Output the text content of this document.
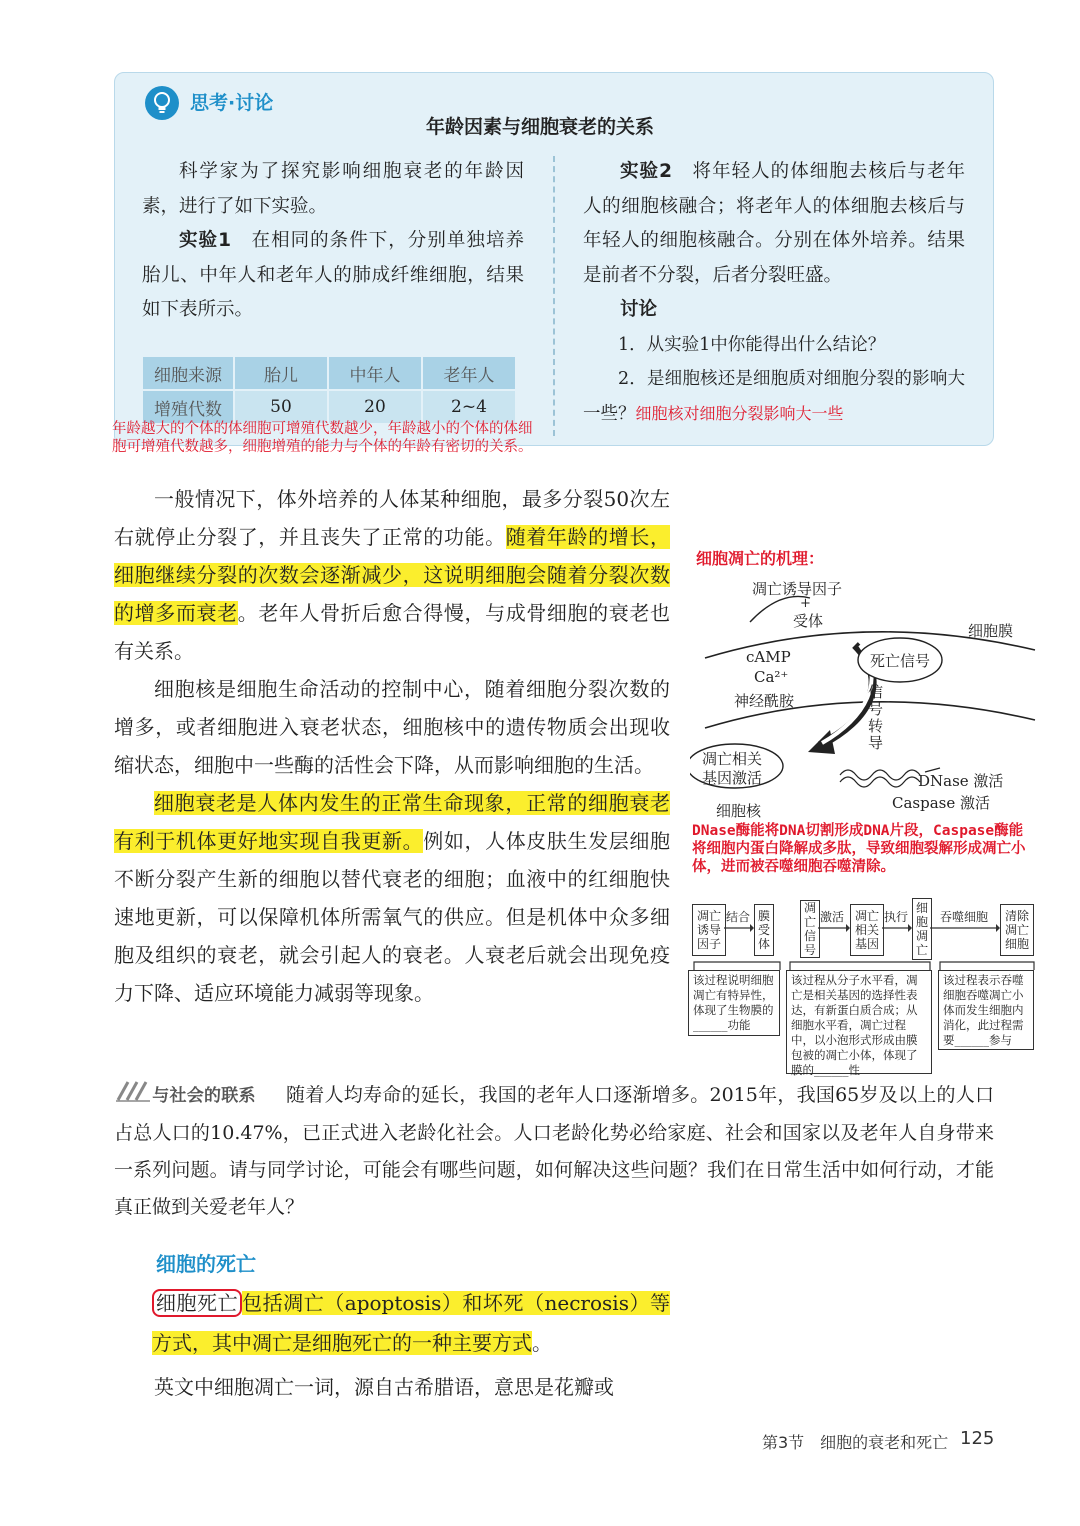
思考·讨论
年龄因素与细胞衰老的关系
科学家为了探究影响细胞衰老的年龄因素，进行了如下实验。
实验1　 在相同的条件下，分别单独培养胎儿、中年人和老年人的肺成纤维细胞，结果如下表所示。
细胞来源	胎儿	中年人	老年人
增殖代数	50	20	2~4
实验2　 将年轻人的体细胞去核后与老年人的细胞核融合；将老年人的体细胞去核后与年轻人的细胞核融合。分别在体外培养。结果是前者不分裂，后者分裂旺盛。
讨论
1．从实验1中你能得出什么结论？
2．是细胞核还是细胞质对细胞分裂的影响大一些？细胞核对细胞分裂影响大一些
年龄越大的个体的体细胞可增殖代数越少，年龄越小的个体的体细胞可增殖代数越多，细胞增殖的能力与个体的年龄有密切的关系。
一般情况下，体外培养的人体某种细胞，最多分裂50次左右就停止分裂了，并且丧失了正常的功能。随着年龄的增长，细胞继续分裂的次数会逐渐减少，这说明细胞会随着分裂次数的增多而衰老。老年人骨折后愈合得慢，与成骨细胞的衰老也有关系。
细胞核是细胞生命活动的控制中心，随着细胞分裂次数的增多，或者细胞进入衰老状态，细胞核中的遗传物质会出现收缩状态，细胞中一些酶的活性会下降，从而影响细胞的生活。
细胞衰老是人体内发生的正常生命现象，正常的细胞衰老有利于机体更好地实现自我更新。例如，人体皮肤生发层细胞不断分裂产生新的细胞以替代衰老的细胞；血液中的红细胞快速地更新，可以保障机体所需氧气的供应。但是机体中众多细胞及组织的衰老，就会引起人的衰老。人衰老后就会出现免疫力下降、适应环境能力减弱等现象。
细胞凋亡的机理：
凋亡诱导因子
+
受体
细胞膜
cAMP
Ca²⁺
神经酰胺
死亡信号
信号转导
凋亡相关
基因激活
细胞核
DNase 激活
Caspase 激活
DNase酶能将DNA切割形成DNA片段，Caspase酶能将细胞内蛋白降解成多肽，导致细胞裂解形成凋亡小体，进而被吞噬细胞吞噬清除。
凋亡诱导因子
结合 膜受体
凋亡信号
激活 凋亡相关基因
执行
细胞凋亡
吞噬细胞	清除凋亡细胞
该过程说明细胞凋亡有特异性，体现了生物膜的______功能
该过程从分子水平看，凋亡是相关基因的选择性表达，有新蛋白质合成；从细胞水平看，凋亡过程中，以小泡形式形成由膜包被的凋亡小体，体现了膜的______性
该过程表示吞噬细胞吞噬凋亡小体而发生细胞内消化，此过程需要______参与
与社会的联系 随着人均寿命的延长，我国的老年人口逐渐增多。2015年，我国65岁及以上的人口占总人口的10.47%，已正式进入老龄化社会。人口老龄化势必给家庭、社会和国家以及老年人自身带来一系列问题。请与同学讨论，可能会有哪些问题，如何解决这些问题？我们在日常生活中如何行动，才能真正做到关爱老年人？
细胞的死亡
细胞死亡 包括凋亡（apoptosis）和坏死（necrosis）等方式，其中凋亡是细胞死亡的一种主要方式。
英文中细胞凋亡一词，源自古希腊语，意思是花瓣或
第3节　细胞的衰老和死亡 125
